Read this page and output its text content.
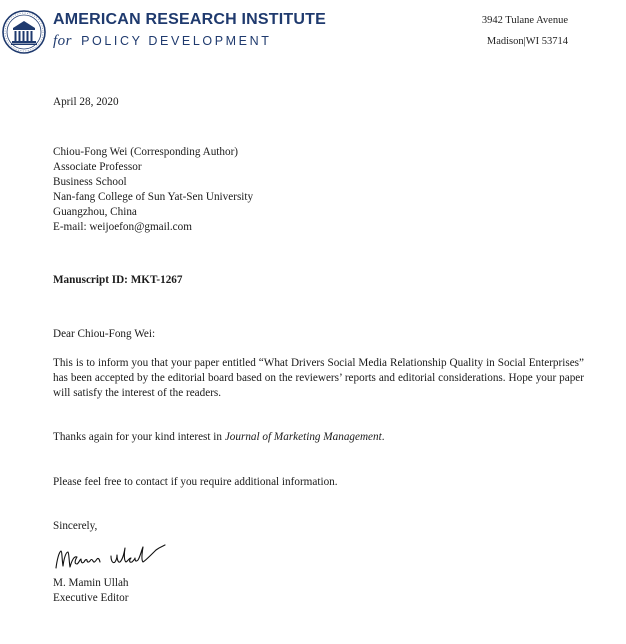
AMERICAN RESEARCH INSTITUTE
for POLICY DEVELOPMENT
3942 Tulane Avenue
Madison|WI 53714
April 28, 2020
Chiou-Fong Wei (Corresponding Author)
Associate Professor
Business School
Nan-fang College of Sun Yat-Sen University
Guangzhou, China
E-mail: weijoefon@gmail.com
Manuscript ID: MKT-1267
Dear Chiou-Fong Wei:
This is to inform you that your paper entitled “What Drivers Social Media Relationship Quality in Social Enterprises” has been accepted by the editorial board based on the reviewers’ reports and editorial considerations. Hope your paper will satisfy the interest of the readers.
Thanks again for your kind interest in Journal of Marketing Management.
Please feel free to contact if you require additional information.
Sincerely,
M. Mamin Ullah
Executive Editor
